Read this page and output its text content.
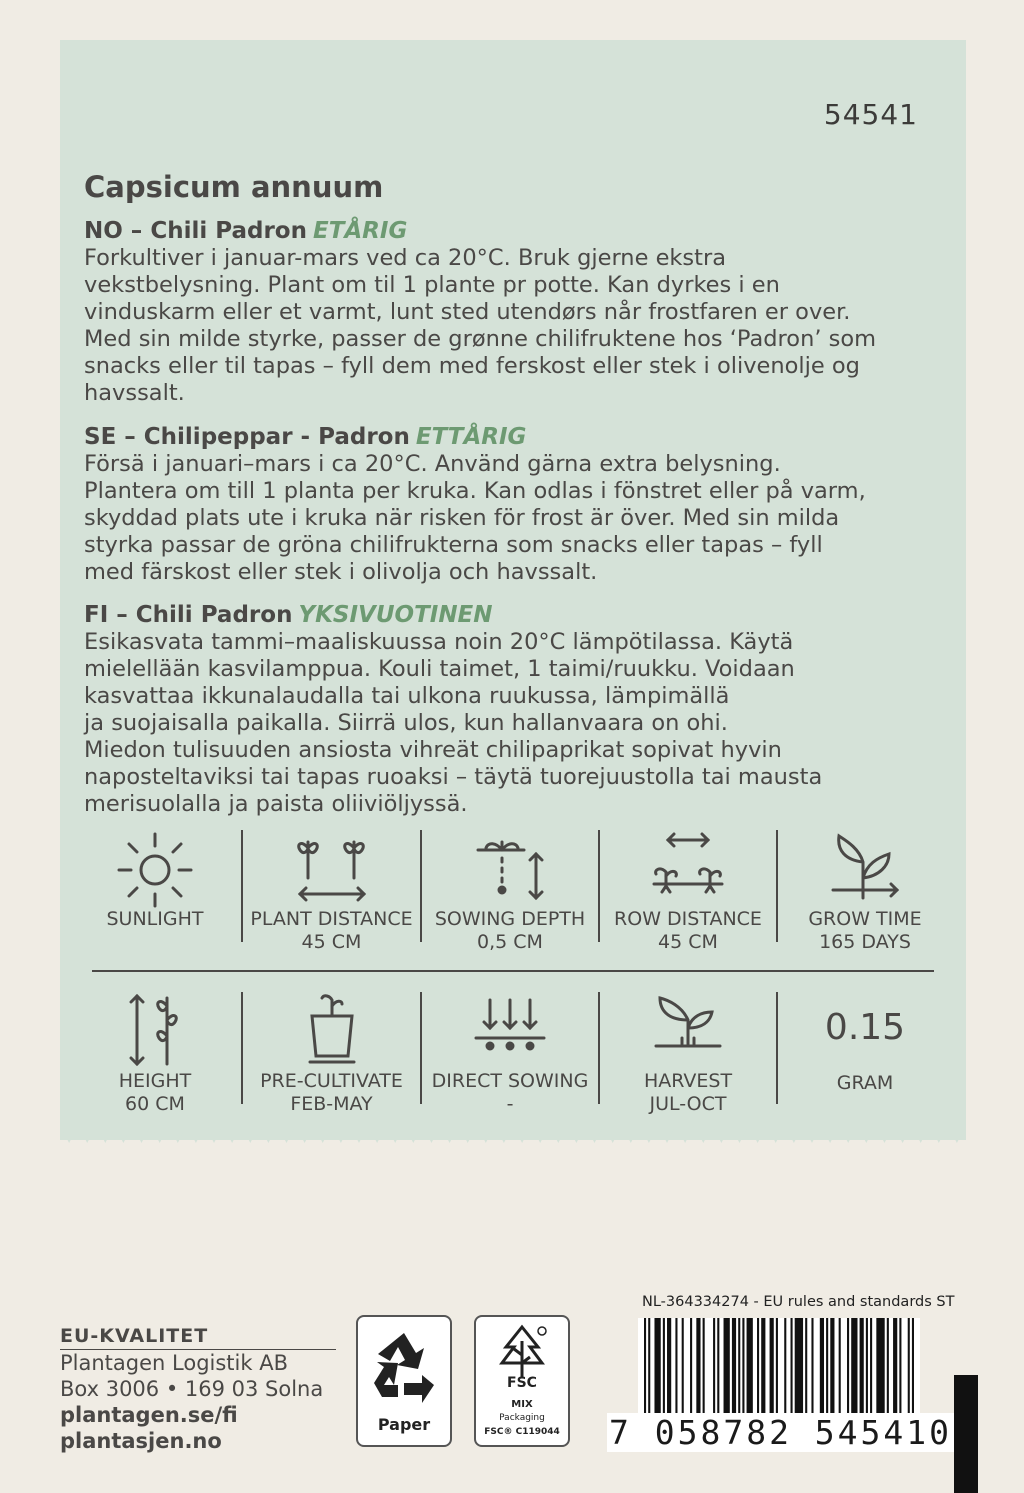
54541
Capsicum annuum
NO – Chili Padron ETÅRIG

Forkultiver i januar-mars ved ca 20°C. Bruk gjerne ekstra
vekstbelysning. Plant om til 1 plante pr potte. Kan dyrkes i en
vinduskarm eller et varmt, lunt sted utendørs når frostfaren er over.
Med sin milde styrke, passer de grønne chilifruktene hos ‘Padron’ som
snacks eller til tapas – fyll dem med ferskost eller stek i olivenolje og
havssalt.

SE – Chilipeppar - Padron ETTÅRIG

Försä i januari–mars i ca 20°C. Använd gärna extra belysning.
Plantera om till 1 planta per kruka. Kan odlas i fönstret eller på varm,
skyddad plats ute i kruka när risken för frost är över. Med sin milda
styrka passar de gröna chilifrukterna som snacks eller tapas – fyll
med färskost eller stek i olivolja och havssalt.

FI – Chili Padron YKSIVUOTINEN

Esikasvata tammi–maaliskuussa noin 20°C lämpötilassa. Käytä
mielellään kasvilamppua. Kouli taimet, 1 taimi/ruukku. Voidaan
kasvattaa ikkunalaudalla tai ulkona ruukussa, lämpimällä
ja suojaisalla paikalla. Siirrä ulos, kun hallanvaara on ohi.
Miedon tulisuuden ansiosta vihreät chilipaprikat sopivat hyvin
naposteltaviksi tai tapas ruoaksi – täytä tuorejuustolla tai mausta
merisuolalla ja paista oliiviöljyssä.

SUNLIGHT	PLANT DISTANCE
45 CM
SOWING DEPTH
0,5 CM
ROW DISTANCE
45 CM
GROW TIME
165 DAYS
HEIGHT
60 CM
PRE-CULTIVATE
FEB-MAY
DIRECT SOWING
-
HARVEST
JUL-OCT
0.15
GRAM
EU-KVALITET
Plantagen Logistik AB
Box 3006 • 169 03 Solna
plantagen.se/fi
plantasjen.no
Paper
FSC
MIX
Packaging
FSC® C119044
NL-364334274 - EU rules and standards ST
7 058782 545410
